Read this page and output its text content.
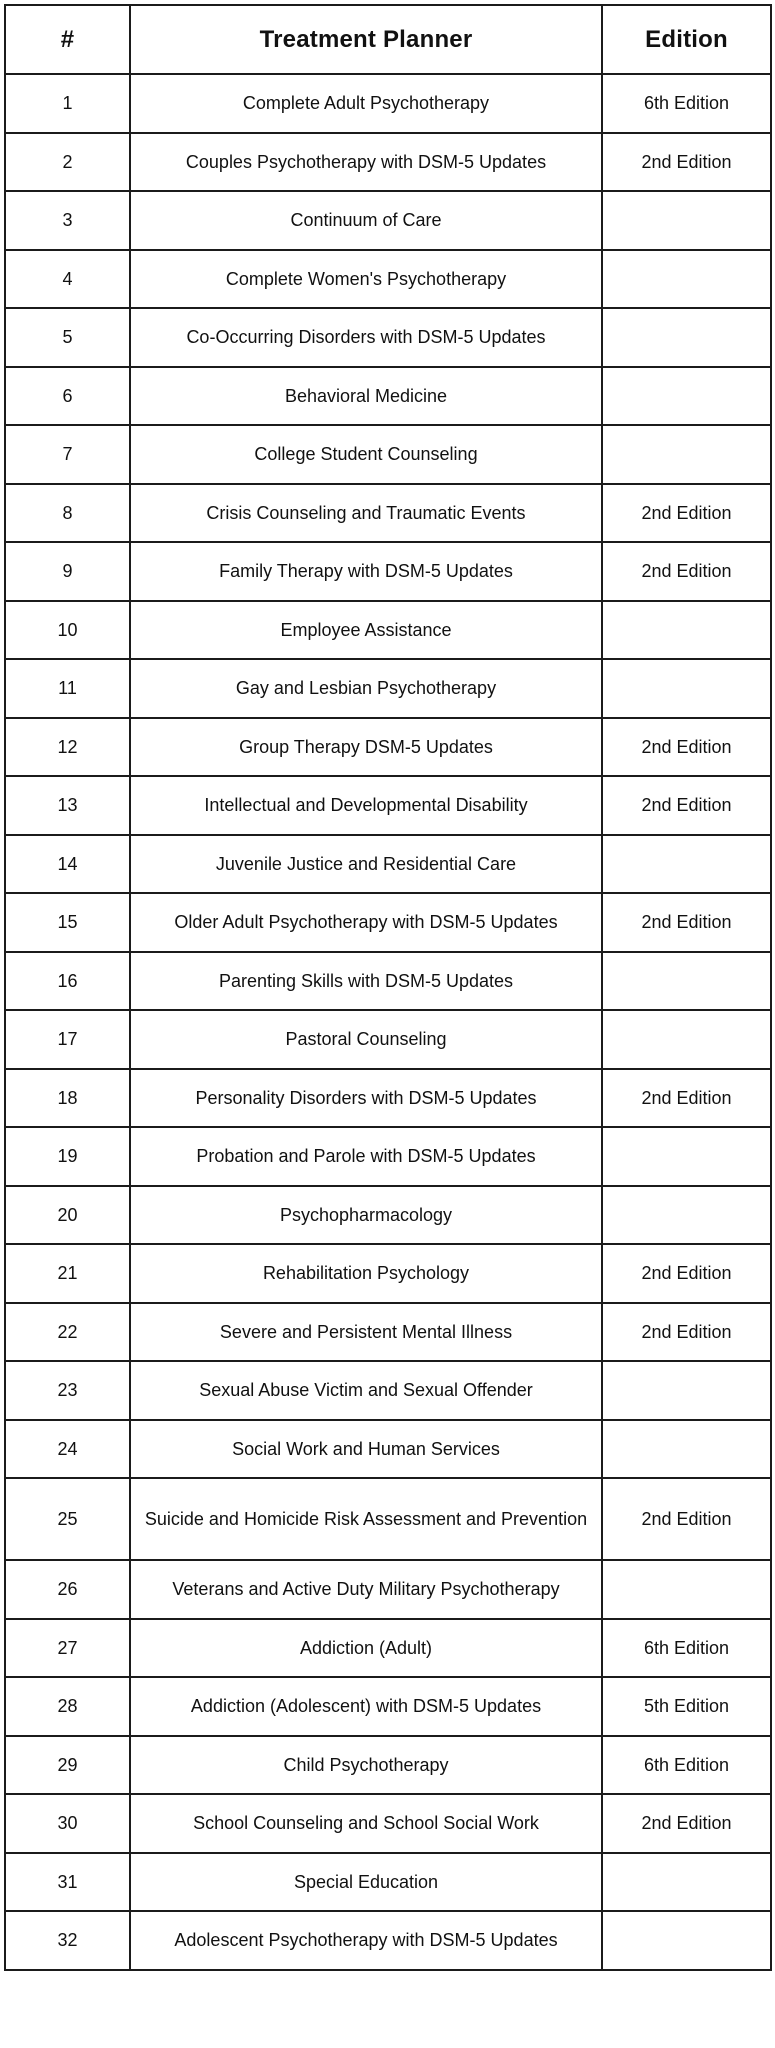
#	Treatment Planner	Edition
1	Complete Adult Psychotherapy	6th Edition
2	Couples Psychotherapy with DSM-5 Updates	2nd Edition
3	Continuum of Care	
4	Complete Women's Psychotherapy	
5	Co-Occurring Disorders with DSM-5 Updates	
6	Behavioral Medicine	
7	College Student Counseling	
8	Crisis Counseling and Traumatic Events	2nd Edition
9	Family Therapy with DSM-5 Updates	2nd Edition
10	Employee Assistance	
11	Gay and Lesbian Psychotherapy	
12	Group Therapy DSM-5 Updates	2nd Edition
13	Intellectual and Developmental Disability	2nd Edition
14	Juvenile Justice and Residential Care	
15	Older Adult Psychotherapy with DSM-5 Updates	2nd Edition
16	Parenting Skills with DSM-5 Updates	
17	Pastoral Counseling	
18	Personality Disorders with DSM-5 Updates	2nd Edition
19	Probation and Parole with DSM-5 Updates	
20	Psychopharmacology	
21	Rehabilitation Psychology	2nd Edition
22	Severe and Persistent Mental Illness	2nd Edition
23	Sexual Abuse Victim and Sexual Offender	
24	Social Work and Human Services	
25	Suicide and Homicide Risk Assessment and Prevention	2nd Edition
26	Veterans and Active Duty Military Psychotherapy	
27	Addiction (Adult)	6th Edition
28	Addiction (Adolescent) with DSM-5 Updates	5th Edition
29	Child Psychotherapy	6th Edition
30	School Counseling and School Social Work	2nd Edition
31	Special Education	
32	Adolescent Psychotherapy with DSM-5 Updates	
